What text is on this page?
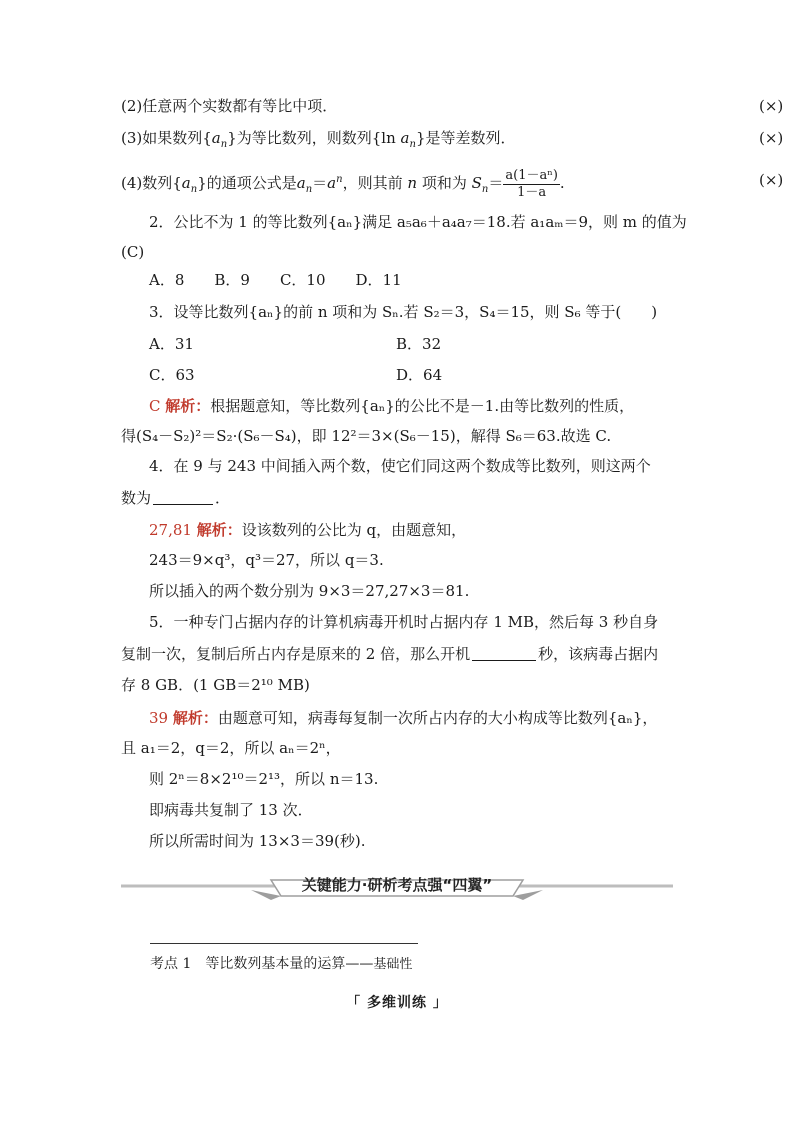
(2)任意两个实数都有等比中项．	(×)
(3)如果数列$\{a_n\}$为等比数列，则数列{ln $a_n$}是等差数列．	(×)
(4)数列$\{a_n\}$的通项公式是$a_n=a^n$，则其前 n 项和为 $S_n= \frac{\text{a(1－aⁿ)}}{1-a}$ .	(×)
2．公比不为 1 的等比数列{aₙ}满足 a₅a₆＋a₄a₇＝18.若 a₁aₘ＝9，则 m 的值为
(C)
A．8　　B．9　　C．10　　D．11
3．设等比数列{aₙ}的前 n 项和为 Sₙ.若 S₂＝3，S₄＝15，则 S₆ 等于(　　)
A．31	B．32
C．63	D．64
C 解析：根据题意知，等比数列{aₙ}的公比不是－1.由等比数列的性质，
得(S₄－S₂)²＝S₂·(S₆－S₄)，即 12²＝3×(S₆－15)，解得 S₆＝63.故选 C.
4．在 9 与 243 中间插入两个数，使它们同这两个数成等比数列，则这两个
数为	．
27,81 解析：设该数列的公比为 q，由题意知，
243＝9×q³，q³＝27，所以 q＝3.
所以插入的两个数分别为 9×3＝27,27×3＝81.
5．一种专门占据内存的计算机病毒开机时占据内存 1 MB，然后每 3 秒自身
复制一次，复制后所占内存是原来的 2 倍，那么开机	秒，该病毒占据内
存 8 GB．(1 GB＝2¹⁰ MB)
39 解析：由题意可知，病毒每复制一次所占内存的大小构成等比数列{aₙ}，
且 a₁＝2，q＝2，所以 aₙ＝2ⁿ，
则 2ⁿ＝8×2¹⁰＝2¹³，所以 n＝13.
即病毒共复制了 13 次．
所以所需时间为 13×3＝39(秒).
关键能力·研析考点强“四翼”
考点 1　等比数列基本量的运算——基础性
「 多维训练 」
